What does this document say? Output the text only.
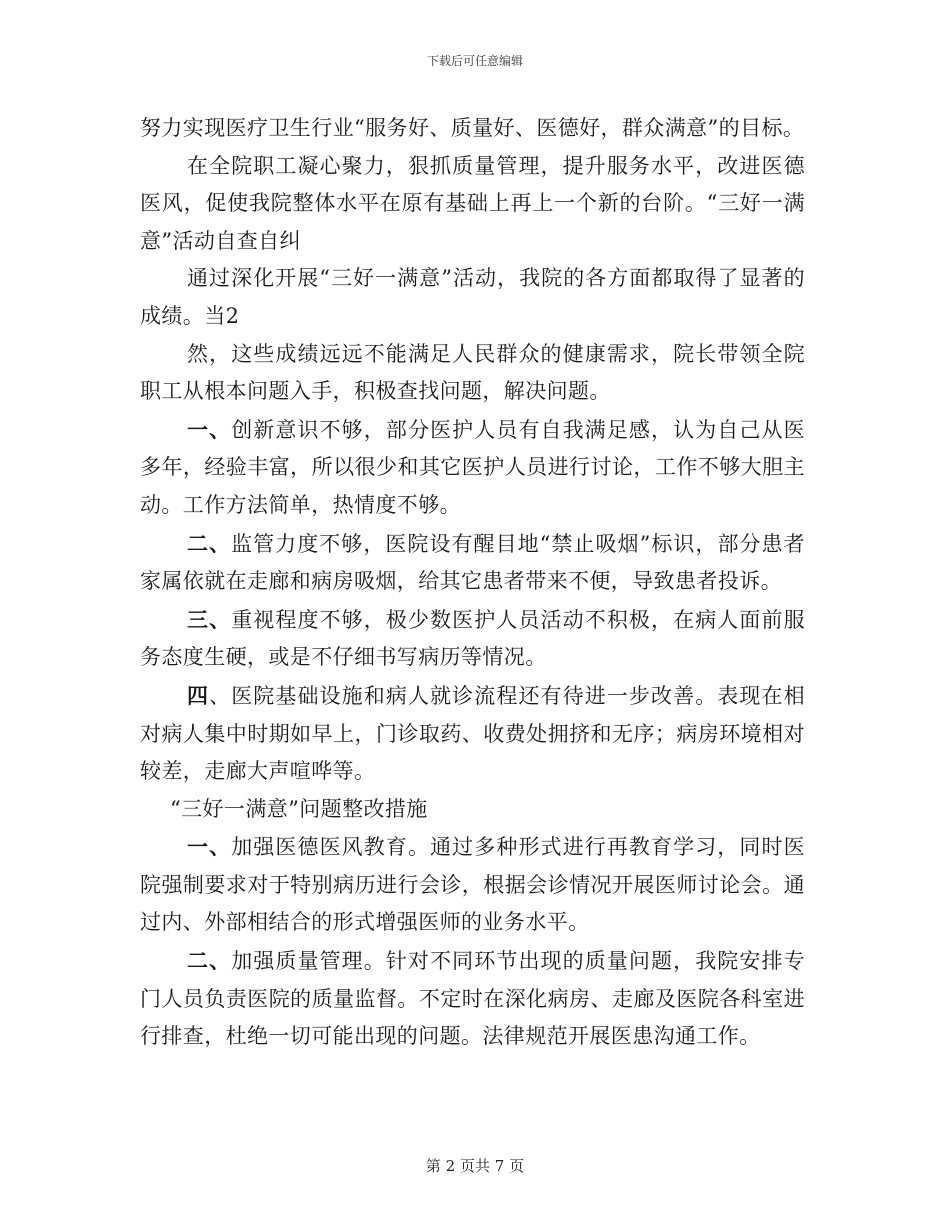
下载后可任意编辑

努力实现医疗卫生行业“服务好、质量好、医德好，群众满意”的目标。

在全院职工凝心聚力，狠抓质量管理，提升服务水平，改进医德医风，促使我院整体水平在原有基础上再上一个新的台阶。“三好一满意”活动自查自纠

通过深化开展“三好一满意”活动，我院的各方面都取得了显著的成绩。当2

然，这些成绩远远不能满足人民群众的健康需求，院长带领全院职工从根本问题入手，积极查找问题，解决问题。

一、创新意识不够，部分医护人员有自我满足感，认为自己从医多年，经验丰富，所以很少和其它医护人员进行讨论，工作不够大胆主动。工作方法简单，热情度不够。

二、监管力度不够，医院设有醒目地“禁止吸烟”标识，部分患者家属依就在走廊和病房吸烟，给其它患者带来不便，导致患者投诉。

三、重视程度不够，极少数医护人员活动不积极，在病人面前服务态度生硬，或是不仔细书写病历等情况。

四、医院基础设施和病人就诊流程还有待进一步改善。表现在相对病人集中时期如早上，门诊取药、收费处拥挤和无序；病房环境相对较差，走廊大声喧哗等。

“三好一满意”问题整改措施

一、加强医德医风教育。通过多种形式进行再教育学习，同时医院强制要求对于特别病历进行会诊，根据会诊情况开展医师讨论会。通过内、外部相结合的形式增强医师的业务水平。

二、加强质量管理。针对不同环节出现的质量问题，我院安排专门人员负责医院的质量监督。不定时在深化病房、走廊及医院各科室进行排查，杜绝一切可能出现的问题。法律规范开展医患沟通工作。

第 2 页共 7 页
